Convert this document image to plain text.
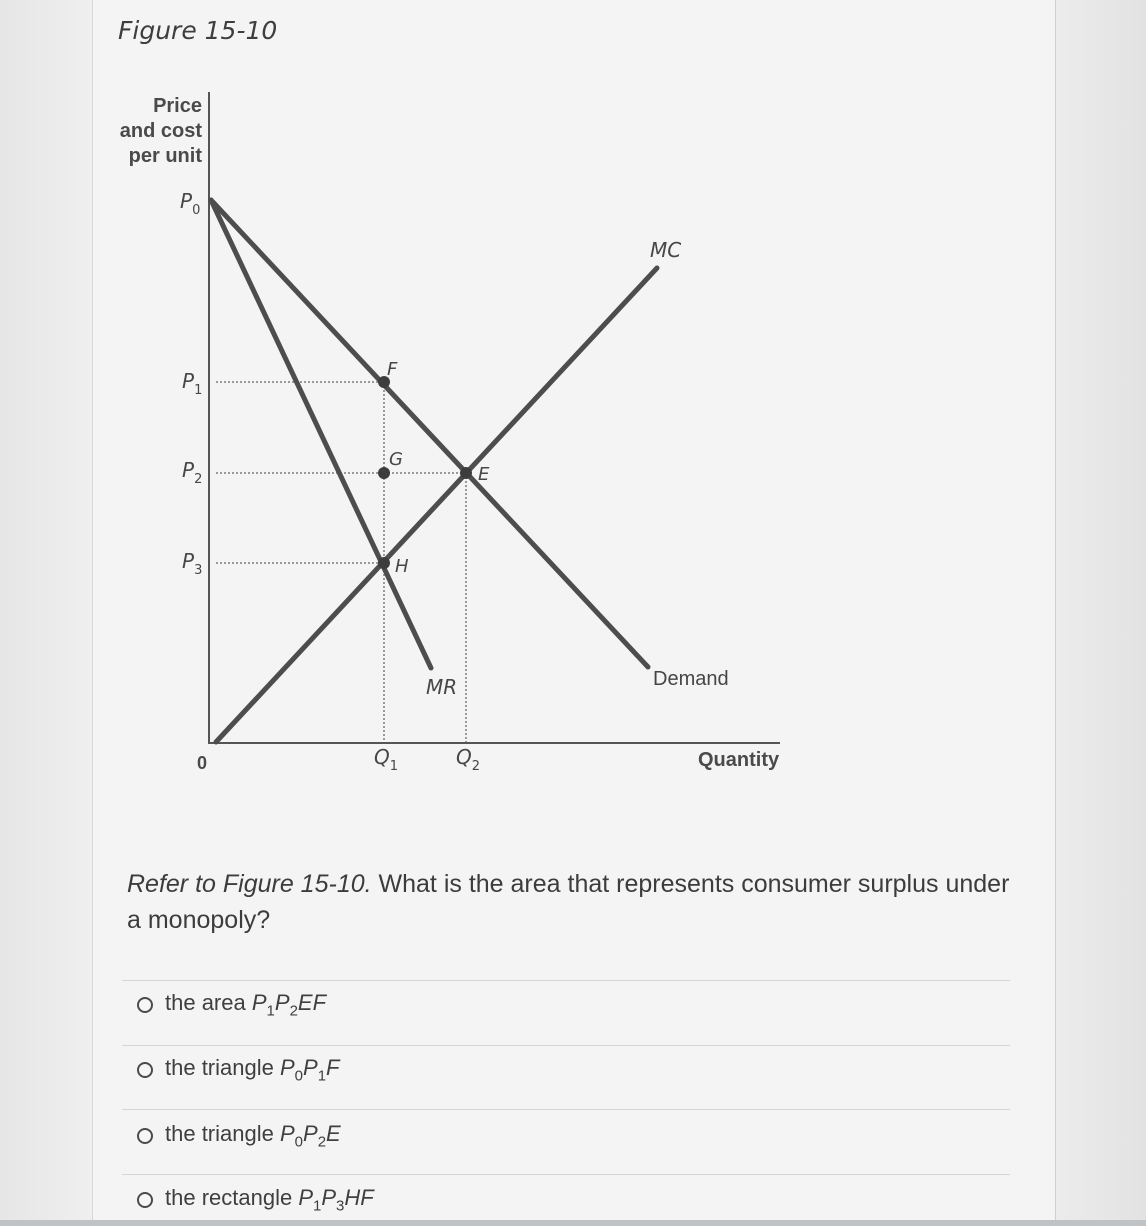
Figure 15-10
Price
and cost
per unit
$P_0$
$P_1$
$P_2$
$P_3$
0	$Q_1$	$Q_2$	Quantity
F
G
E
H
MC
Demand
MR
Refer to Figure 15-10. What is the area that represents consumer surplus under a monopoly?
the area $P_1P_2EF$
the triangle $P_0P_1F$
the triangle $P_0P_2E$
the rectangle $P_1P_3HF$
